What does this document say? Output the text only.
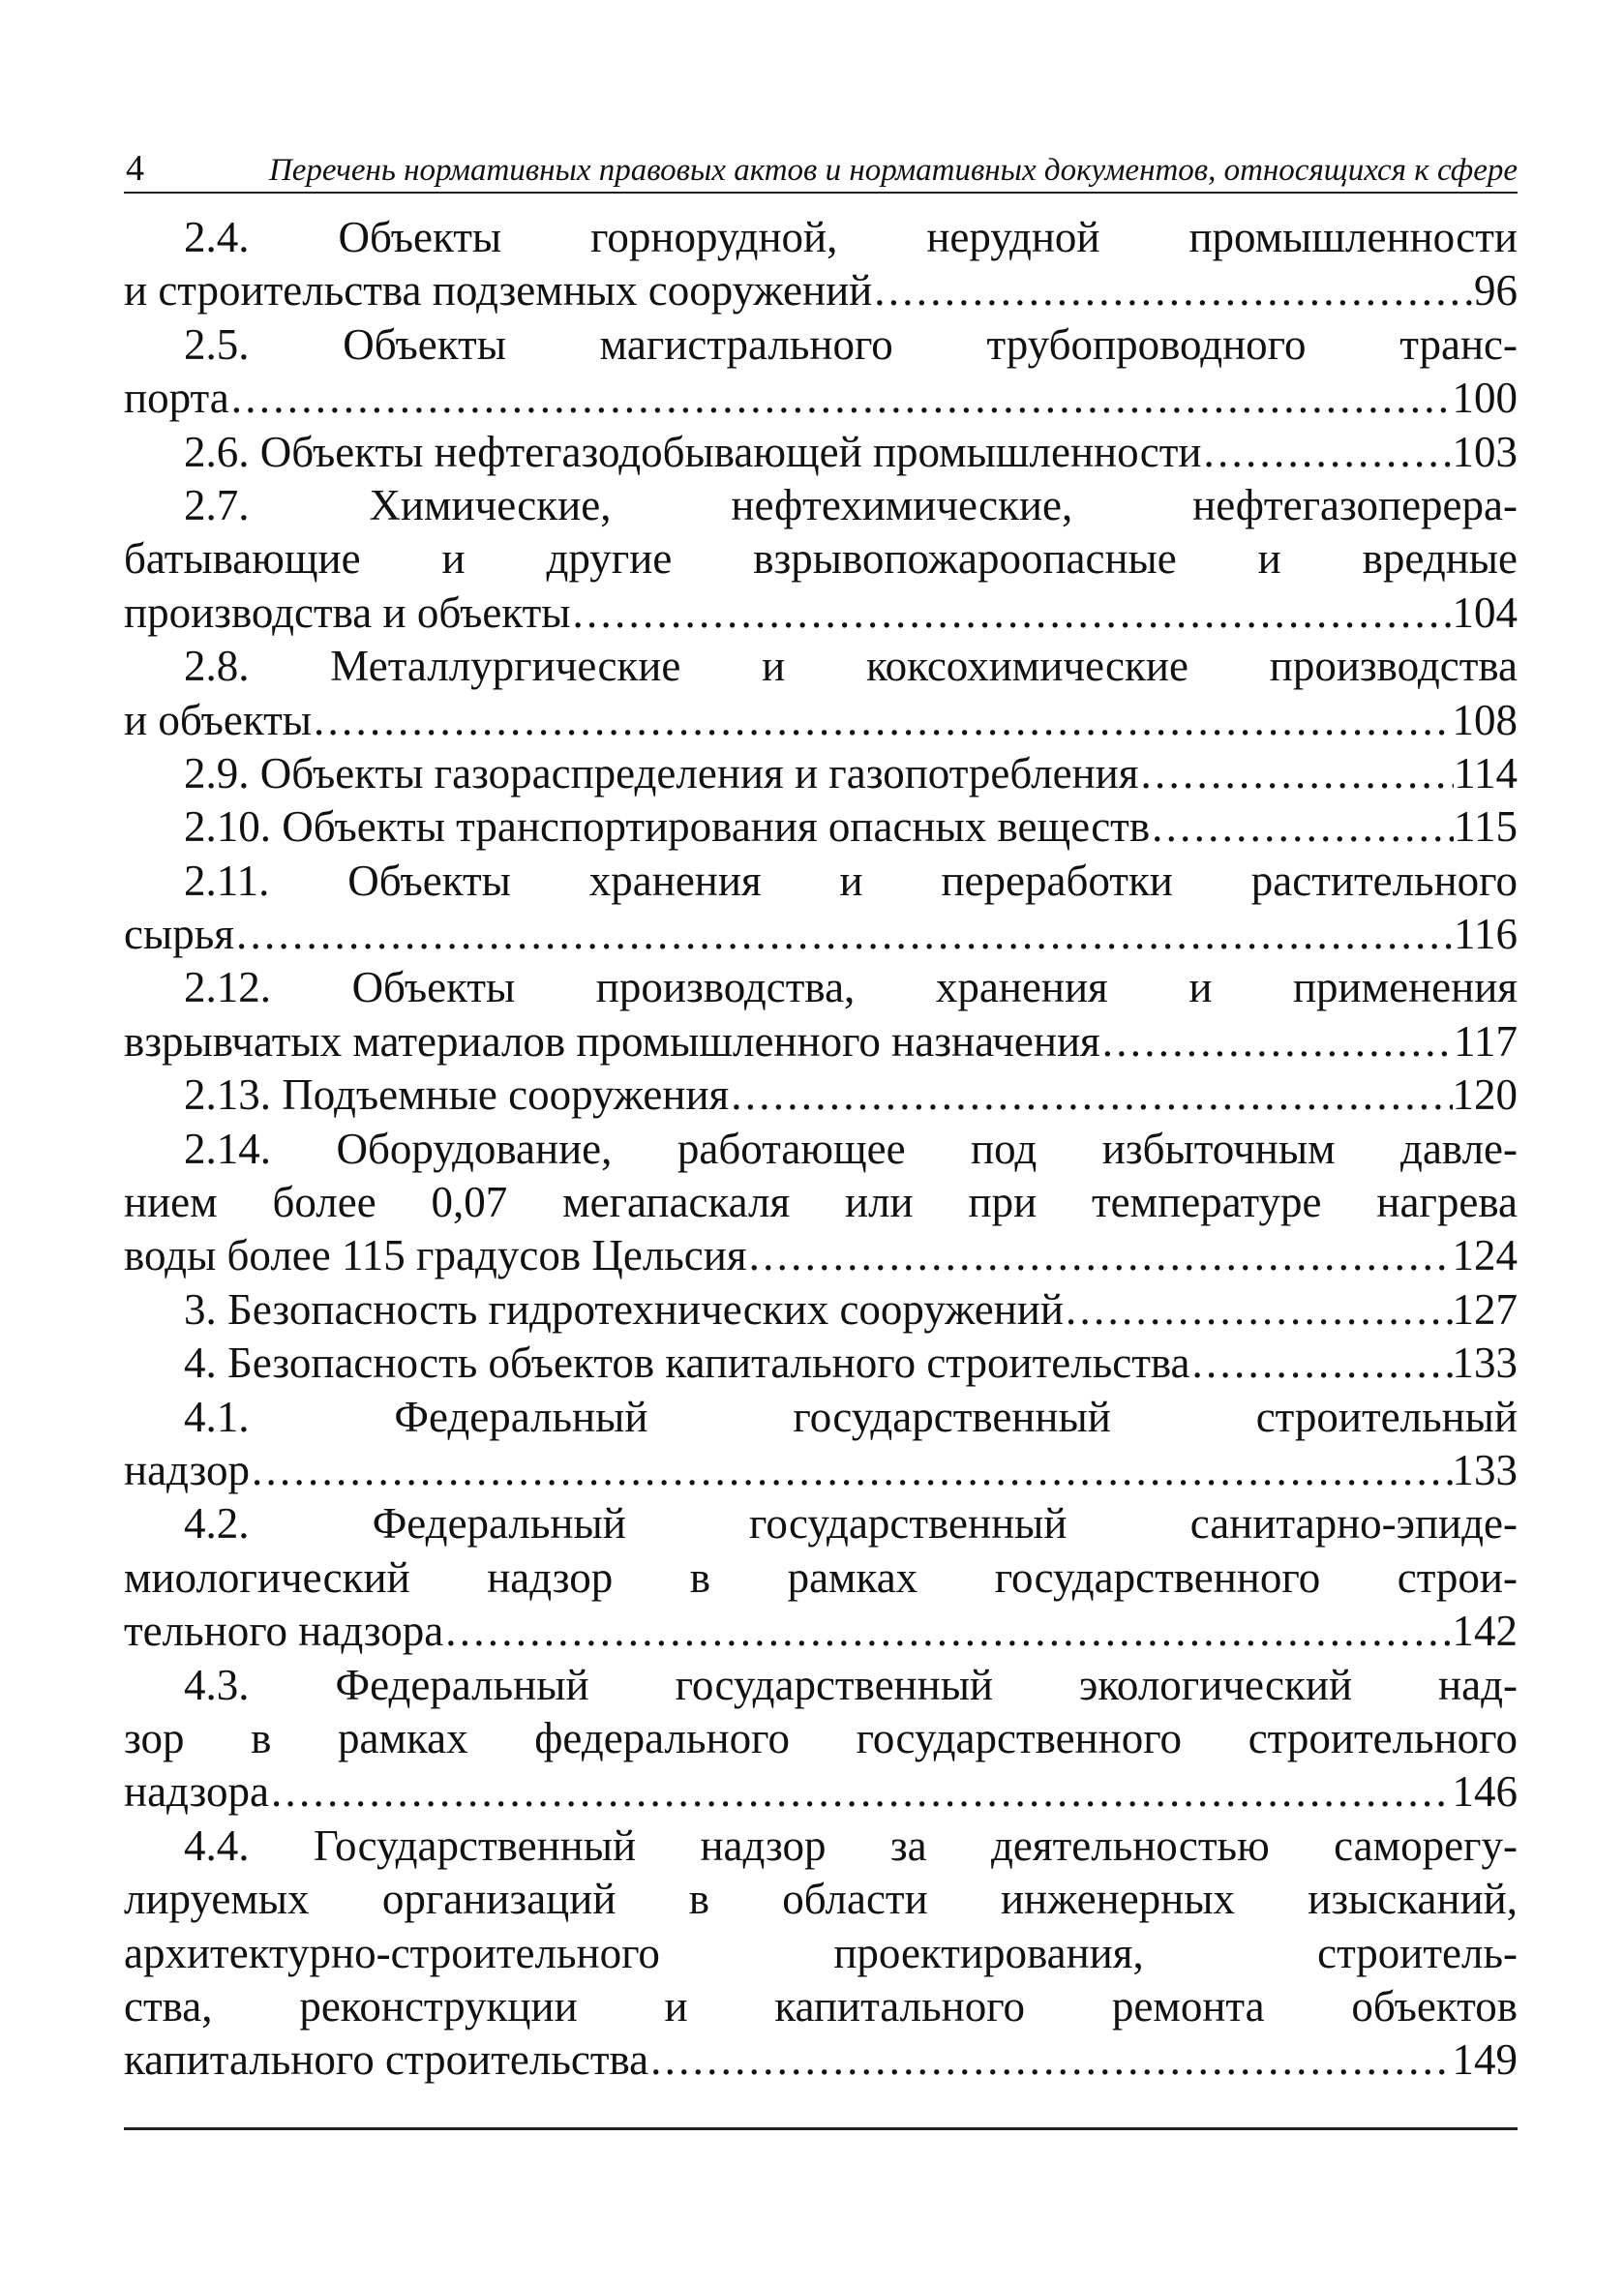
4	Перечень нормативных правовых актов и нормативных документов, относящихся к сфере
2.4. Объекты горнорудной, нерудной промышленности
и строительства подземных сооружений . . .	96
2.5. Объекты магистрального трубопроводного транс-
порта . . .	100
2.6. Объекты нефтегазодобывающей промышленности . . .	103
2.7. Химические, нефтехимические, нефтегазоперера-
батывающие и другие взрывопожароопасные и вредные
производства и объекты . . .	104
2.8. Металлургические и коксохимические производства
и объекты . . .	108
2.9. Объекты газораспределения и газопотребления . . .	114
2.10. Объекты транспортирования опасных веществ . . .	115
2.11. Объекты хранения и переработки растительного
сырья . . .	116
2.12. Объекты производства, хранения и применения
взрывчатых материалов промышленного назначения . . .	117
2.13. Подъемные сооружения . . .	120
2.14. Оборудование, работающее под избыточным давле-
нием более 0,07 мегапаскаля или при температуре нагрева
воды более 115 градусов Цельсия . . .	124
3. Безопасность гидротехнических сооружений . . .	127
4. Безопасность объектов капитального строительства . . .	133
4.1. Федеральный государственный строительный
надзор . . .	133
4.2. Федеральный государственный санитарно-эпиде-
миологический надзор в рамках государственного строи-
тельного надзора . . .	142
4.3. Федеральный государственный экологический над-
зор в рамках федерального государственного строительного
надзора . . .	146
4.4. Государственный надзор за деятельностью саморегу-
лируемых организаций в области инженерных изысканий,
архитектурно-строительного проектирования, строитель-
ства, реконструкции и капитального ремонта объектов
капитального строительства . . .	149
